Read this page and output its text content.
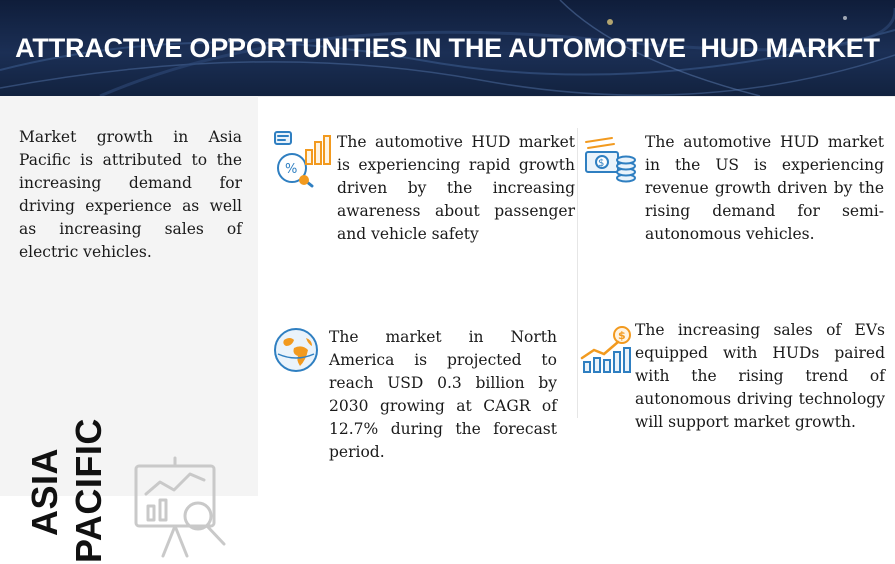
ATTRACTIVE OPPORTUNITIES IN THE AUTOMOTIVE  HUD MARKET
Market growth in Asia Pacific is attributed to the increasing demand for driving experience as well as increasing sales of electric vehicles.
ASIA PACIFIC
%
The automotive HUD market is experiencing rapid growth driven by the increasing awareness about passenger and vehicle safety
$
The automotive HUD market in the US is experiencing revenue growth driven by the rising demand for semi-autonomous vehicles.
The market in North America is projected to reach USD 0.3 billion by 2030 growing at CAGR of 12.7% during the forecast period.
$ The increasing sales of EVs equipped with HUDs paired with the rising trend of autonomous driving technology will support market growth.
